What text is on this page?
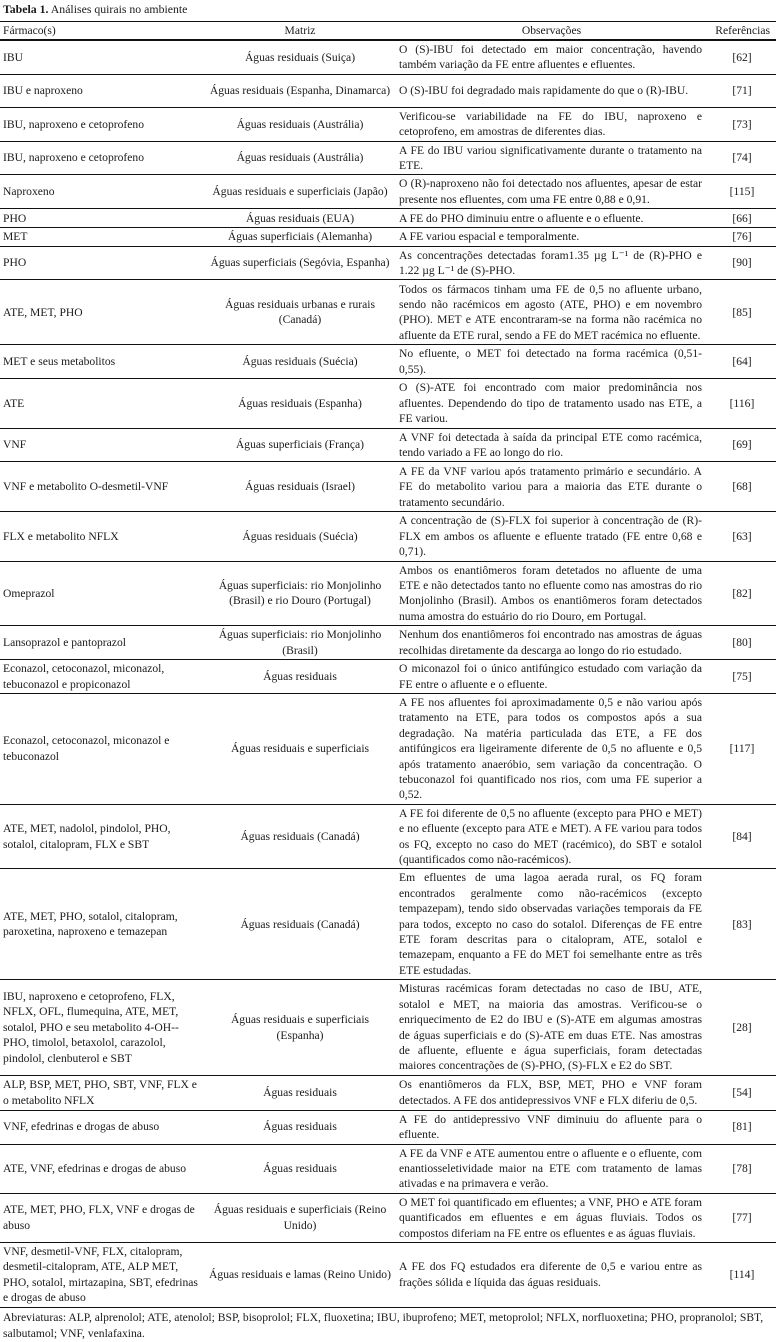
Tabela 1. Análises quirais no ambiente
Fármaco(s)	Matriz	Observações	Referências
IBU	Águas residuais (Suiça)	O (S)-IBU foi detectado em maior concentração, havendo também variação da FE entre afluentes e efluentes.	[62]
IBU e naproxeno	Águas residuais (Espanha, Dinamarca)	O (S)-IBU foi degradado mais rapidamente do que o (R)-IBU.	[71]
IBU, naproxeno e cetoprofeno	Águas residuais (Austrália)	Verificou-se variabilidade na FE do IBU, naproxeno e cetoprofeno, em amostras de diferentes dias.	[73]
IBU, naproxeno e cetoprofeno	Águas residuais (Austrália)	A FE do IBU variou significativamente durante o tratamento na ETE.	[74]
Naproxeno	Águas residuais e superficiais (Japão)	O (R)-naproxeno não foi detectado nos afluentes, apesar de estar presente nos efluentes, com uma FE entre 0,88 e 0,91.	[115]
PHO	Águas residuais (EUA)	A FE do PHO diminuiu entre o afluente e o efluente.	[66]
MET	Águas superficiais (Alemanha)	A FE variou espacial e temporalmente.	[76]
PHO	Águas superficiais (Segóvia, Espanha)	As concentrações detectadas foram1.35 µg L⁻¹ de (R)-PHO e 1.22 µg L⁻¹ de (S)-PHO.	[90]
ATE, MET, PHO	Águas residuais urbanas e rurais (Canadá)	Todos os fármacos tinham uma FE de 0,5 no afluente urbano, sendo não racémicos em agosto (ATE, PHO) e em novembro (PHO). MET e ATE encontraram-se na forma não racémica no afluente da ETE rural, sendo a FE do MET racémica no efluente.	[85]
MET e seus metabolitos	Águas residuais (Suécia)	No efluente, o MET foi detectado na forma racémica (0,51-0,55).	[64]
ATE	Águas residuais (Espanha)	O (S)-ATE foi encontrado com maior predominância nos afluentes. Dependendo do tipo de tratamento usado nas ETE, a FE variou.	[116]
VNF	Águas superficiais (França)	A VNF foi detectada à saída da principal ETE como racémica, tendo variado a FE ao longo do rio.	[69]
VNF e metabolito O-desmetil-VNF	Águas residuais (Israel)	A FE da VNF variou após tratamento primário e secundário. A FE do metabolito variou para a maioria das ETE durante o tratamento secundário.	[68]
FLX e metabolito NFLX	Águas residuais (Suécia)	A concentração de (S)-FLX foi superior à concentração de (R)-FLX em ambos os afluente e efluente tratado (FE entre 0,68 e 0,71).	[63]
Omeprazol	Águas superficiais: rio Monjolinho (Brasil) e rio Douro (Portugal)	Ambos os enantiômeros foram detetados no afluente de uma ETE e não detectados tanto no efluente como nas amostras do rio Monjolinho (Brasil). Ambos os enantiômeros foram detectados numa amostra do estuário do rio Douro, em Portugal.	[82]
Lansoprazol e pantoprazol	Águas superficiais: rio Monjolinho (Brasil)	Nenhum dos enantiômeros foi encontrado nas amostras de águas recolhidas diretamente da descarga ao longo do rio estudado.	[80]
Econazol, cetoconazol, miconazol, tebuconazol e propiconazol	Águas residuais	O miconazol foi o único antifúngico estudado com variação da FE entre o afluente e o efluente.	[75]
Econazol, cetoconazol, miconazol e tebuconazol	Águas residuais e superficiais	A FE nos afluentes foi aproximadamente 0,5 e não variou após tratamento na ETE, para todos os compostos após a sua degradação. Na matéria particulada das ETE, a FE dos antifúngicos era ligeiramente diferente de 0,5 no afluente e 0,5 após tratamento anaeróbio, sem variação da concentração. O tebuconazol foi quantificado nos rios, com uma FE superior a 0,52.	[117]
ATE, MET, nadolol, pindolol, PHO, sotalol, citalopram, FLX e SBT	Águas residuais (Canadá)	A FE foi diferente de 0,5 no afluente (excepto para PHO e MET) e no efluente (excepto para ATE e MET). A FE variou para todos os FQ, excepto no caso do MET (racémico), do SBT e sotalol (quantificados como não-racémicos).	[84]
ATE, MET, PHO, sotalol, citalopram, paroxetina, naproxeno e temazepan	Águas residuais (Canadá)	Em efluentes de uma lagoa aerada rural, os FQ foram encontrados geralmente como não-racémicos (excepto tempazepam), tendo sido observadas variações temporais da FE para todos, excepto no caso do sotalol. Diferenças de FE entre ETE foram descritas para o citalopram, ATE, sotalol e temazepam, enquanto a FE do MET foi semelhante entre as três ETE estudadas.	[83]
IBU, naproxeno e cetoprofeno, FLX, NFLX, OFL, flumequina, ATE, MET, sotalol, PHO e seu metabolito 4-OH--PHO, timolol, betaxolol, carazolol, pindolol, clenbuterol e SBT	Águas residuais e superficiais (Espanha)	Misturas racémicas foram detectadas no caso de IBU, ATE, sotalol e MET, na maioria das amostras. Verificou-se o enriquecimento de E2 do IBU e (S)-ATE em algumas amostras de águas superficiais e do (S)-ATE em duas ETE. Nas amostras de afluente, efluente e água superficiais, foram detectadas maiores concentrações de (S)-PHO, (S)-FLX e E2 do SBT.	[28]
ALP, BSP, MET, PHO, SBT, VNF, FLX e o metabolito NFLX	Águas residuais	Os enantiômeros da FLX, BSP, MET, PHO e VNF foram detectados. A FE dos antidepressivos VNF e FLX diferiu de 0,5.	[54]
VNF, efedrinas e drogas de abuso	Águas residuais	A FE do antidepressivo VNF diminuiu do afluente para o efluente.	[81]
ATE, VNF, efedrinas e drogas de abuso	Águas residuais	A FE da VNF e ATE aumentou entre o afluente e o efluente, com enantiosseletividade maior na ETE com tratamento de lamas ativadas e na primavera e verão.	[78]
ATE, MET, PHO, FLX, VNF e drogas de abuso	Águas residuais e superficiais (Reino Unido)	O MET foi quantificado em efluentes; a VNF, PHO e ATE foram quantificados em efluentes e em águas fluviais. Todos os compostos diferiam na FE entre os efluentes e as águas fluviais.	[77]
VNF, desmetil-VNF, FLX, citalopram, desmetil-citalopram, ATE, ALP MET, PHO, sotalol, mirtazapina, SBT, efedrinas e drogas de abuso	Águas residuais e lamas (Reino Unido)	A FE dos FQ estudados era diferente de 0,5 e variou entre as frações sólida e líquida das águas residuais.	[114]
Abreviaturas: ALP, alprenolol; ATE, atenolol; BSP, bisoprolol; FLX, fluoxetina; IBU, ibuprofeno; MET, metoprolol; NFLX, norfluoxetina; PHO, propranolol; SBT, salbutamol; VNF, venlafaxina.
